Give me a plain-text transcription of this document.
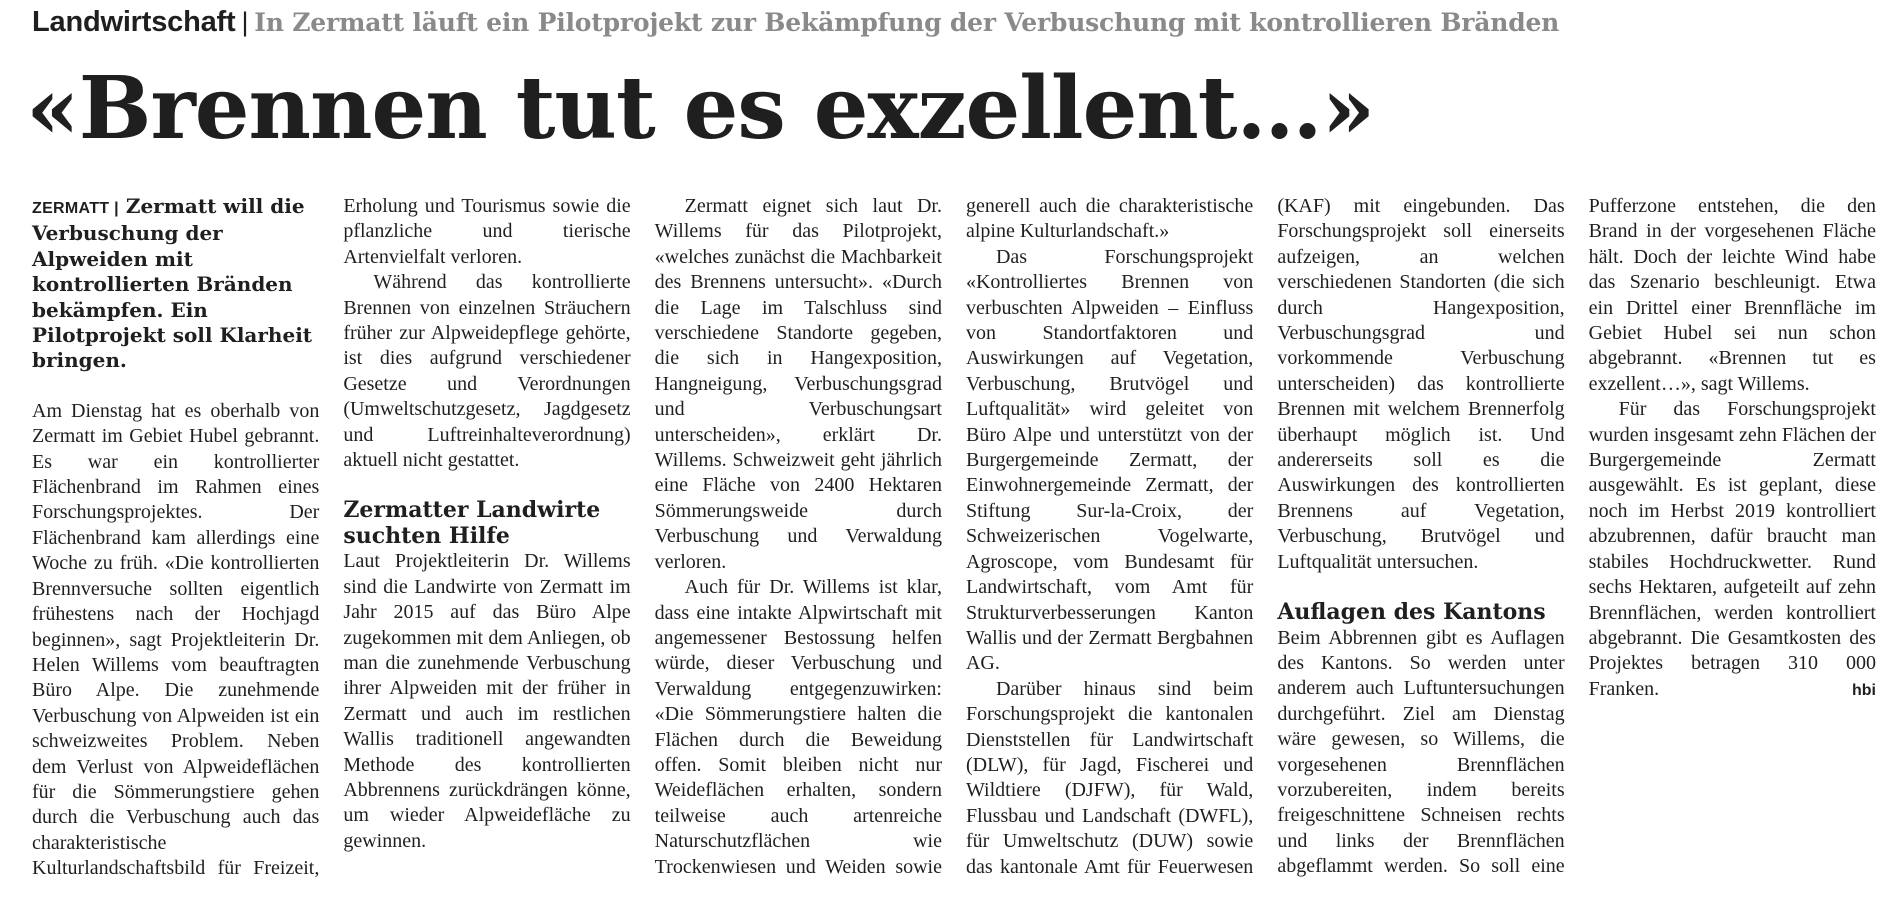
Landwirtschaft | In Zermatt läuft ein Pilotprojekt zur Bekämpfung der Verbuschung mit kontrollieren Bränden
«Brennen tut es exzellent…»

ZERMATT | Zermatt will die Verbuschung der Alpweiden mit kontrollierten Bränden bekämpfen. Ein Pilotprojekt soll Klarheit bringen.

Am Dienstag hat es oberhalb von Zermatt im Gebiet Hubel gebrannt. Es war ein kontrollierter Flächenbrand im Rahmen eines Forschungsprojektes. Der Flächenbrand kam allerdings eine Woche zu früh. «Die kontrollierten Brennversuche sollten eigentlich frühestens nach der Hochjagd beginnen», sagt Projektleiterin Dr. Helen Willems vom beauftragten Büro Alpe. Die zunehmende Verbuschung von Alpweiden ist ein schweizweites Problem. Neben dem Verlust von Alpweideflächen für die Sömmerungstiere gehen durch die Verbuschung auch das charakteristische Kulturlandschaftsbild für Freizeit, Erholung und Tourismus sowie die pflanzliche und tierische Artenvielfalt verloren.

Während das kontrollierte Brennen von einzelnen Sträuchern früher zur Alpweidepflege gehörte, ist dies aufgrund verschiedener Gesetze und Verordnungen (Umweltschutzgesetz, Jagdgesetz und Luftreinhalteverordnung) aktuell nicht gestattet.

Zermatter Landwirte suchten Hilfe

Laut Projektleiterin Dr. Willems sind die Landwirte von Zermatt im Jahr 2015 auf das Büro Alpe zugekommen mit dem Anliegen, ob man die zunehmende Verbuschung ihrer Alpweiden mit der früher in Zermatt und auch im restlichen Wallis traditionell angewandten Methode des kontrollierten Abbrennens zurückdrängen könne, um wieder Alpweidefläche zu gewinnen.

Zermatt eignet sich laut Dr. Willems für das Pilotprojekt, «welches zunächst die Machbarkeit des Brennens untersucht». «Durch die Lage im Talschluss sind verschiedene Standorte gegeben, die sich in Hangexposition, Hangneigung, Verbuschungsgrad und Verbuschungsart unterscheiden», erklärt Dr. Willems. Schweizweit geht jährlich eine Fläche von 2400 Hektaren Sömmerungsweide durch Verbuschung und Verwaldung verloren.

Auch für Dr. Willems ist klar, dass eine intakte Alpwirtschaft mit angemessener Bestossung helfen würde, dieser Verbuschung und Verwaldung entgegenzuwirken: «Die Sömmerungstiere halten die Flächen durch die Beweidung offen. Somit bleiben nicht nur Weideflächen erhalten, sondern teilweise auch artenreiche Naturschutzflächen wie Trockenwiesen und Weiden sowie generell auch die charakteristische alpine Kulturlandschaft.»

Das Forschungsprojekt «Kontrolliertes Brennen von verbuschten Alpweiden – Einfluss von Standortfaktoren und Auswirkungen auf Vegetation, Verbuschung, Brutvögel und Luftqualität» wird geleitet von Büro Alpe und unterstützt von der Burgergemeinde Zermatt, der Einwohnergemeinde Zermatt, der Stiftung Sur-la-Croix, der Schweizerischen Vogelwarte, Agroscope, vom Bundesamt für Landwirtschaft, vom Amt für Strukturverbesserungen Kanton Wallis und der Zermatt Bergbahnen AG.

Darüber hinaus sind beim Forschungsprojekt die kantonalen Dienststellen für Landwirtschaft (DLW), für Jagd, Fischerei und Wildtiere (DJFW), für Wald, Flussbau und Landschaft (DWFL), für Umweltschutz (DUW) sowie das kantonale Amt für Feuerwesen (KAF) mit eingebunden. Das Forschungsprojekt soll einerseits aufzeigen, an welchen verschiedenen Standorten (die sich durch Hangexposition, Verbuschungsgrad und vorkommende Verbuschung unterscheiden) das kontrollierte Brennen mit welchem Brennerfolg überhaupt möglich ist. Und andererseits soll es die Auswirkungen des kontrollierten Brennens auf Vegetation, Verbuschung, Brutvögel und Luftqualität untersuchen.

Auflagen des Kantons

Beim Abbrennen gibt es Auflagen des Kantons. So werden unter anderem auch Luftuntersuchungen durchgeführt. Ziel am Dienstag wäre gewesen, so Willems, die vorgesehenen Brennflächen vorzubereiten, indem bereits freigeschnittene Schneisen rechts und links der Brennflächen abgeflammt werden. So soll eine Pufferzone entstehen, die den Brand in der vorgesehenen Fläche hält. Doch der leichte Wind habe das Szenario beschleunigt. Etwa ein Drittel einer Brennfläche im Gebiet Hubel sei nun schon abgebrannt. «Brennen tut es exzellent…», sagt Willems.

Für das Forschungsprojekt wurden insgesamt zehn Flächen der Burgergemeinde Zermatt ausgewählt. Es ist geplant, diese noch im Herbst 2019 kontrolliert abzubrennen, dafür braucht man stabiles Hochdruckwetter. Rund sechs Hektaren, aufgeteilt auf zehn Brennflächen, werden kontrolliert abgebrannt. Die Gesamtkosten des Projektes betragen 310 000 Franken.	hbi
